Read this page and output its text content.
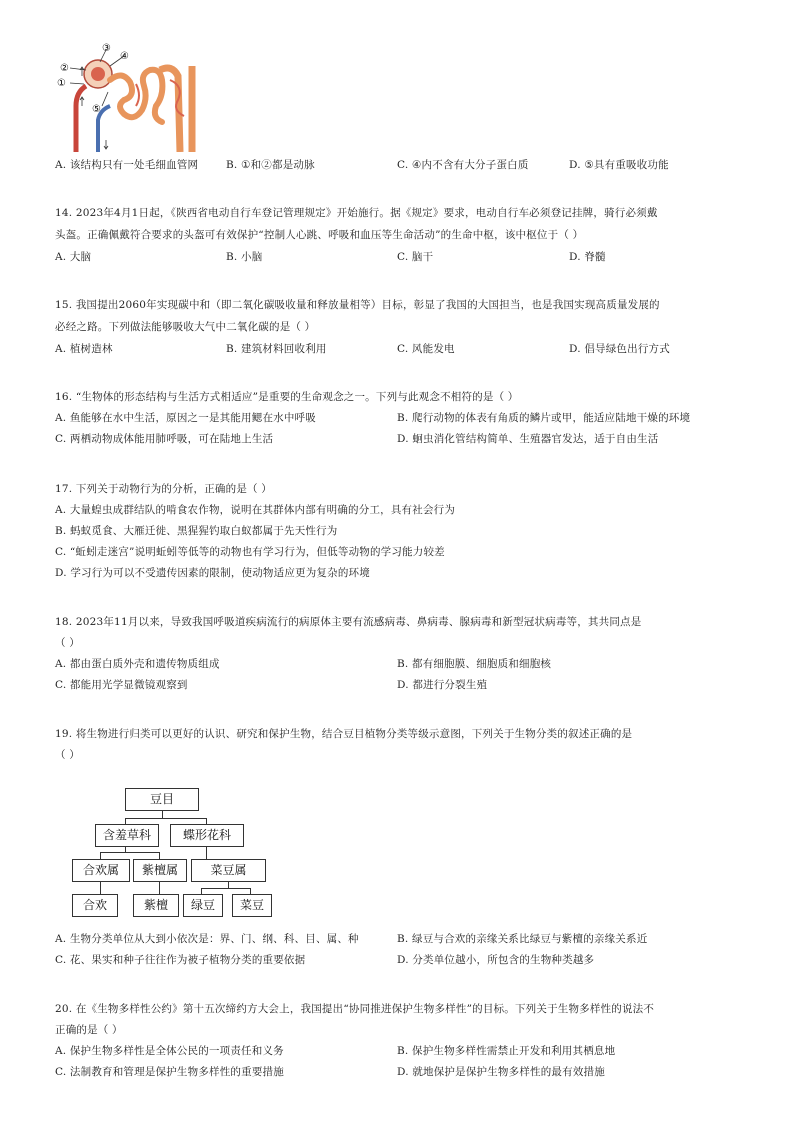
②
①
③
④
⑤
A. 该结构只有一处毛细血管网	B. ①和②都是动脉	C. ④内不含有大分子蛋白质	D. ⑤具有重吸收功能
14. 2023年4月1日起，《陕西省电动自行车登记管理规定》开始施行。据《规定》要求，电动自行车必须登记挂牌，骑行必须戴
头盔。正确佩戴符合要求的头盔可有效保护“控制人心跳、呼吸和血压等生命活动”的生命中枢，该中枢位于（ ）
A. 大脑	B. 小脑	C. 脑干	D. 脊髓
15. 我国提出2060年实现碳中和（即二氧化碳吸收量和释放量相等）目标，彰显了我国的大国担当，也是我国实现高质量发展的
必经之路。下列做法能够吸收大气中二氧化碳的是（ ）
A. 植树造林	B. 建筑材料回收利用	C. 风能发电	D. 倡导绿色出行方式
16. “生物体的形态结构与生活方式相适应”是重要的生命观念之一。下列与此观念不相符的是（ ）
A. 鱼能够在水中生活，原因之一是其能用鳃在水中呼吸	B. 爬行动物的体表有角质的鳞片或甲，能适应陆地干燥的环境
C. 两栖动物成体能用肺呼吸，可在陆地上生活	D. 蛔虫消化管结构简单、生殖器官发达，适于自由生活
17. 下列关于动物行为的分析，正确的是（ ）
A. 大量蝗虫成群结队的啃食农作物，说明在其群体内部有明确的分工，具有社会行为
B. 蚂蚁觅食、大雁迁徙、黑猩猩钓取白蚁都属于先天性行为
C. “蚯蚓走迷宫”说明蚯蚓等低等的动物也有学习行为，但低等动物的学习能力较差
D. 学习行为可以不受遗传因素的限制，使动物适应更为复杂的环境
18. 2023年11月以来，导致我国呼吸道疾病流行的病原体主要有流感病毒、鼻病毒、腺病毒和新型冠状病毒等，其共同点是
（ ）
A. 都由蛋白质外壳和遗传物质组成	B. 都有细胞膜、细胞质和细胞核
C. 都能用光学显微镜观察到	D. 都进行分裂生殖
19. 将生物进行归类可以更好的认识、研究和保护生物，结合豆目植物分类等级示意图，下列关于生物分类的叙述正确的是
（ ）
豆目
含羞草科	蝶形花科
合欢属	紫檀属	菜豆属
合欢	紫檀	绿豆	菜豆
A. 生物分类单位从大到小依次是：界、门、纲、科、目、属、种	B. 绿豆与合欢的亲缘关系比绿豆与紫檀的亲缘关系近
C. 花、果实和种子往往作为被子植物分类的重要依据	D. 分类单位越小，所包含的生物种类越多
20. 在《生物多样性公约》第十五次缔约方大会上，我国提出“协同推进保护生物多样性”的目标。下列关于生物多样性的说法不
正确的是（ ）
A. 保护生物多样性是全体公民的一项责任和义务	B. 保护生物多样性需禁止开发和利用其栖息地
C. 法制教育和管理是保护生物多样性的重要措施	D. 就地保护是保护生物多样性的最有效措施
